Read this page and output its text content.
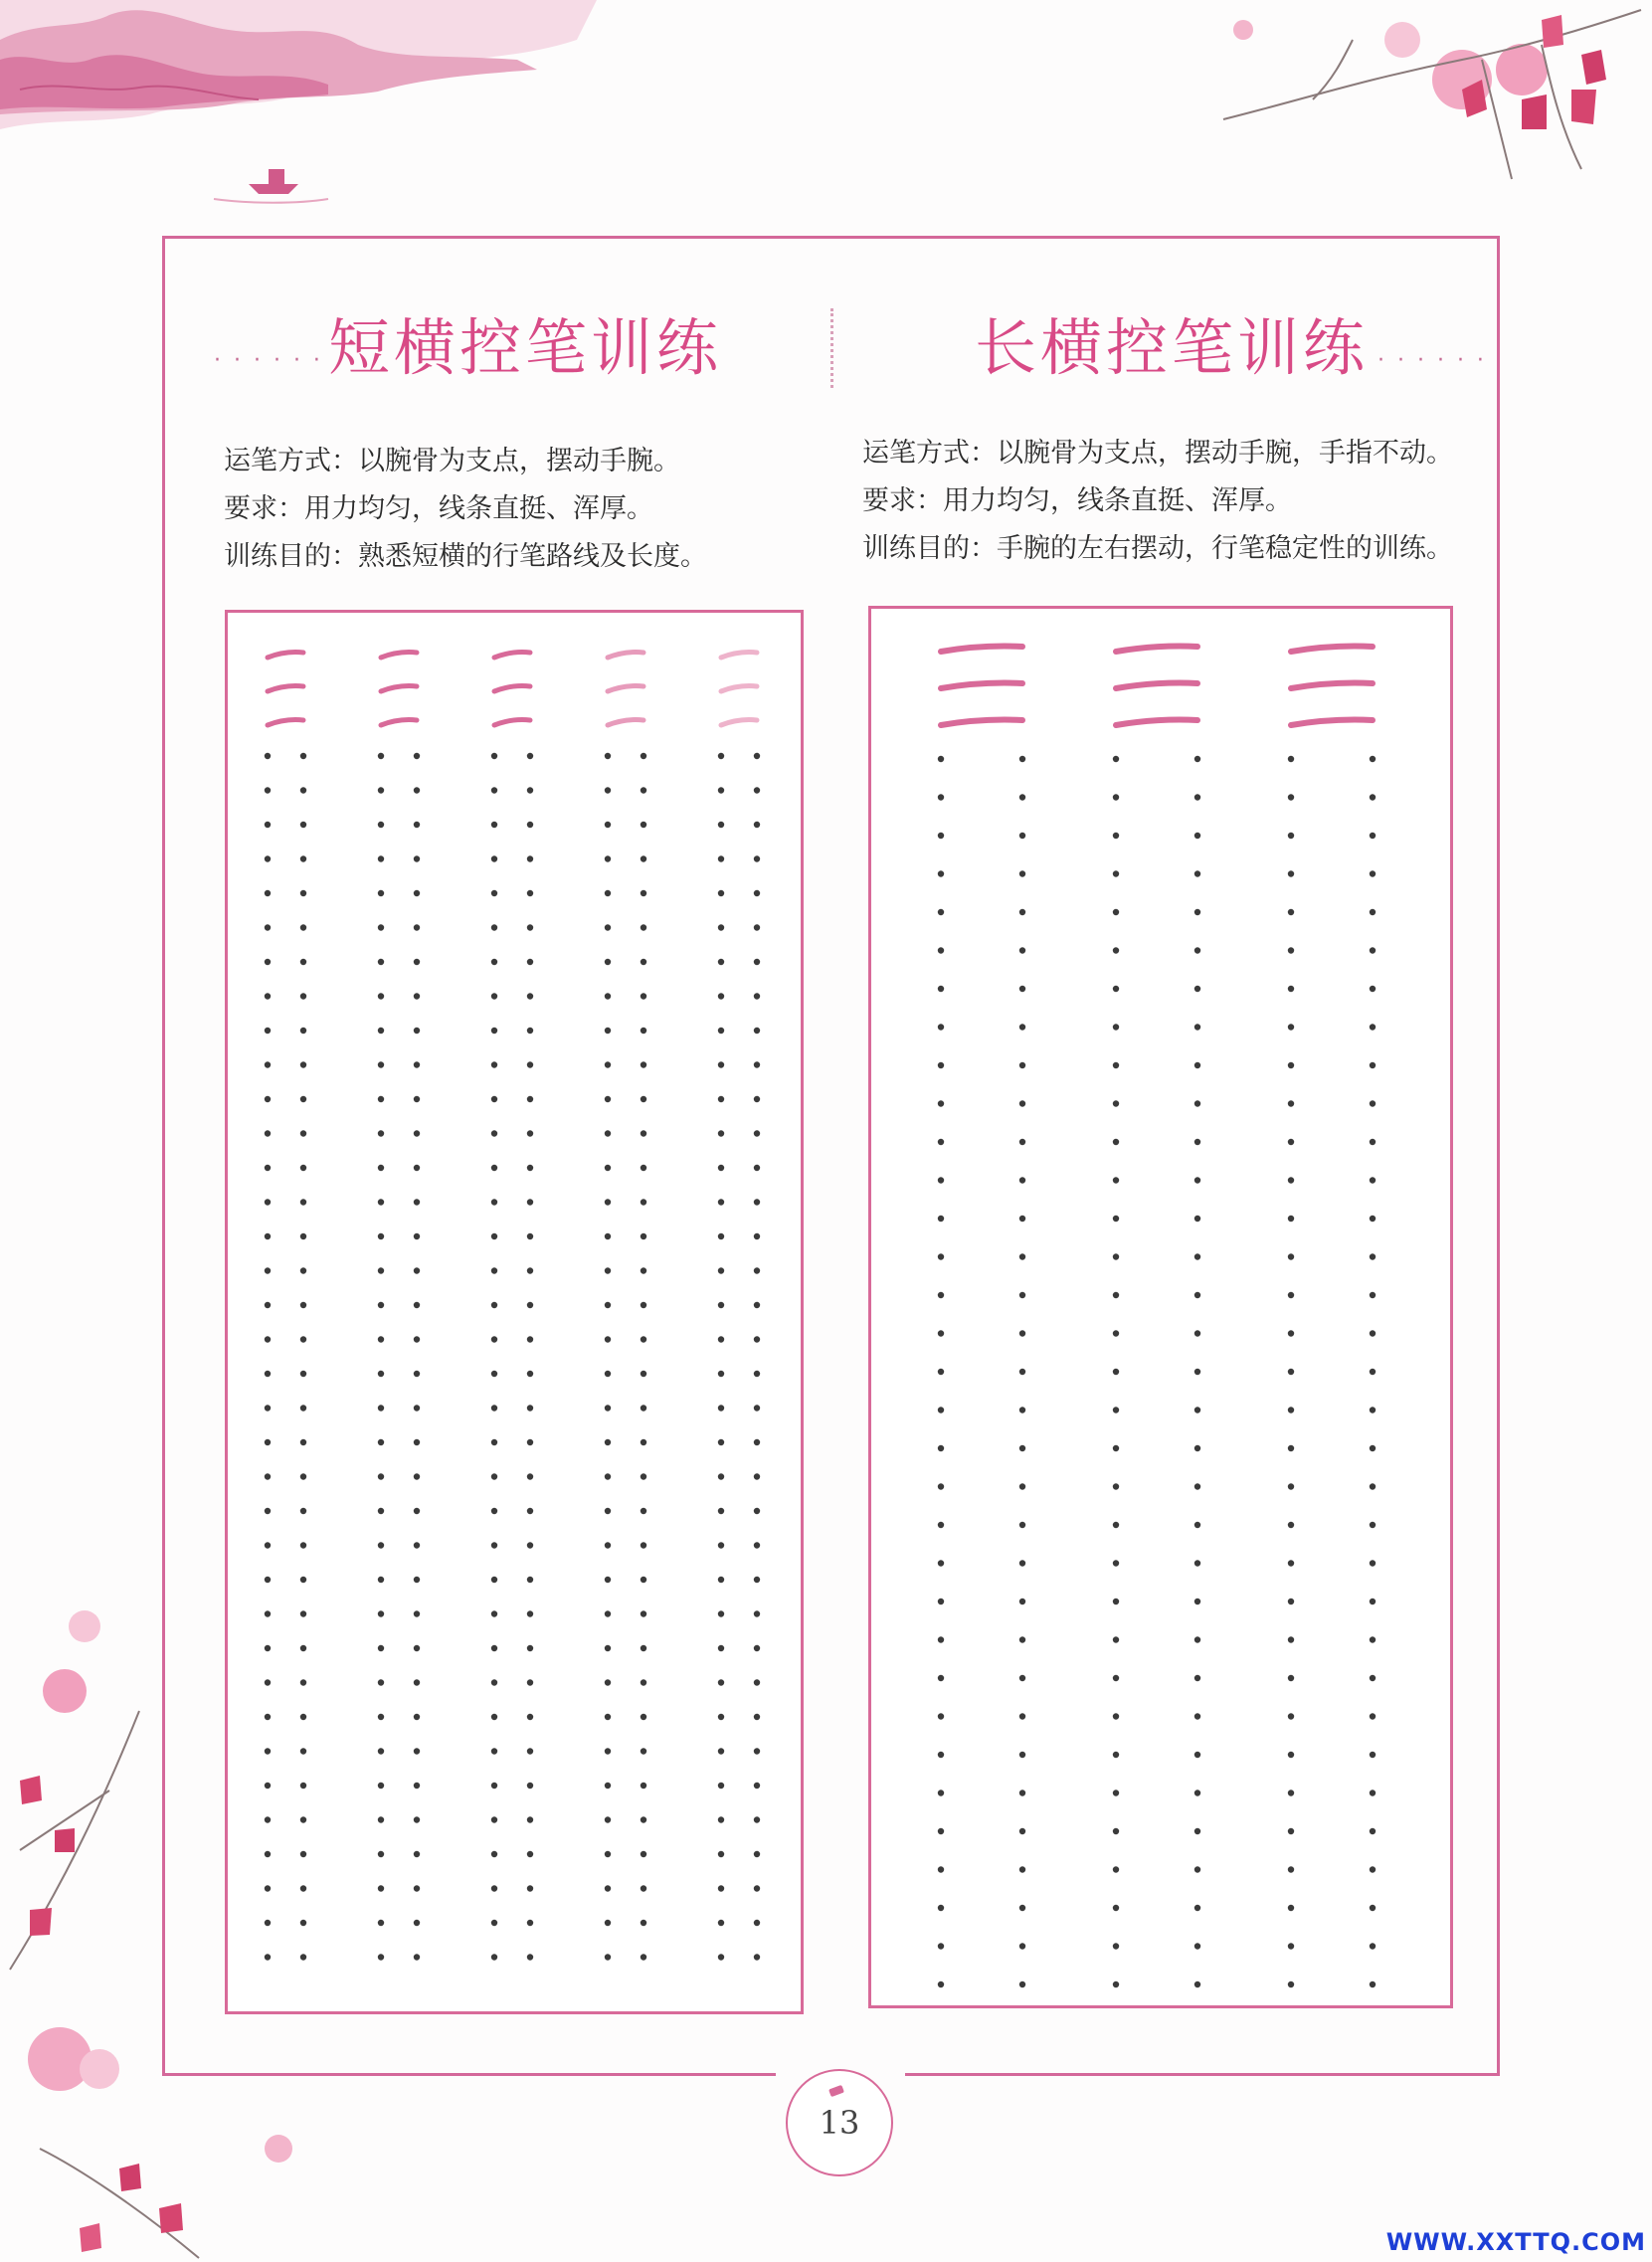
· · · · · · 短横控笔训练	长横控笔训练 · · · · · ·

运笔方式：以腕骨为支点，摆动手腕。

要求：用力均匀，线条直挺、浑厚。

训练目的：熟悉短横的行笔路线及长度。

运笔方式：以腕骨为支点，摆动手腕，手指不动。

要求：用力均匀，线条直挺、浑厚。

训练目的：手腕的左右摆动，行笔稳定性的训练。

13
WWW.XXTTQ.COM
